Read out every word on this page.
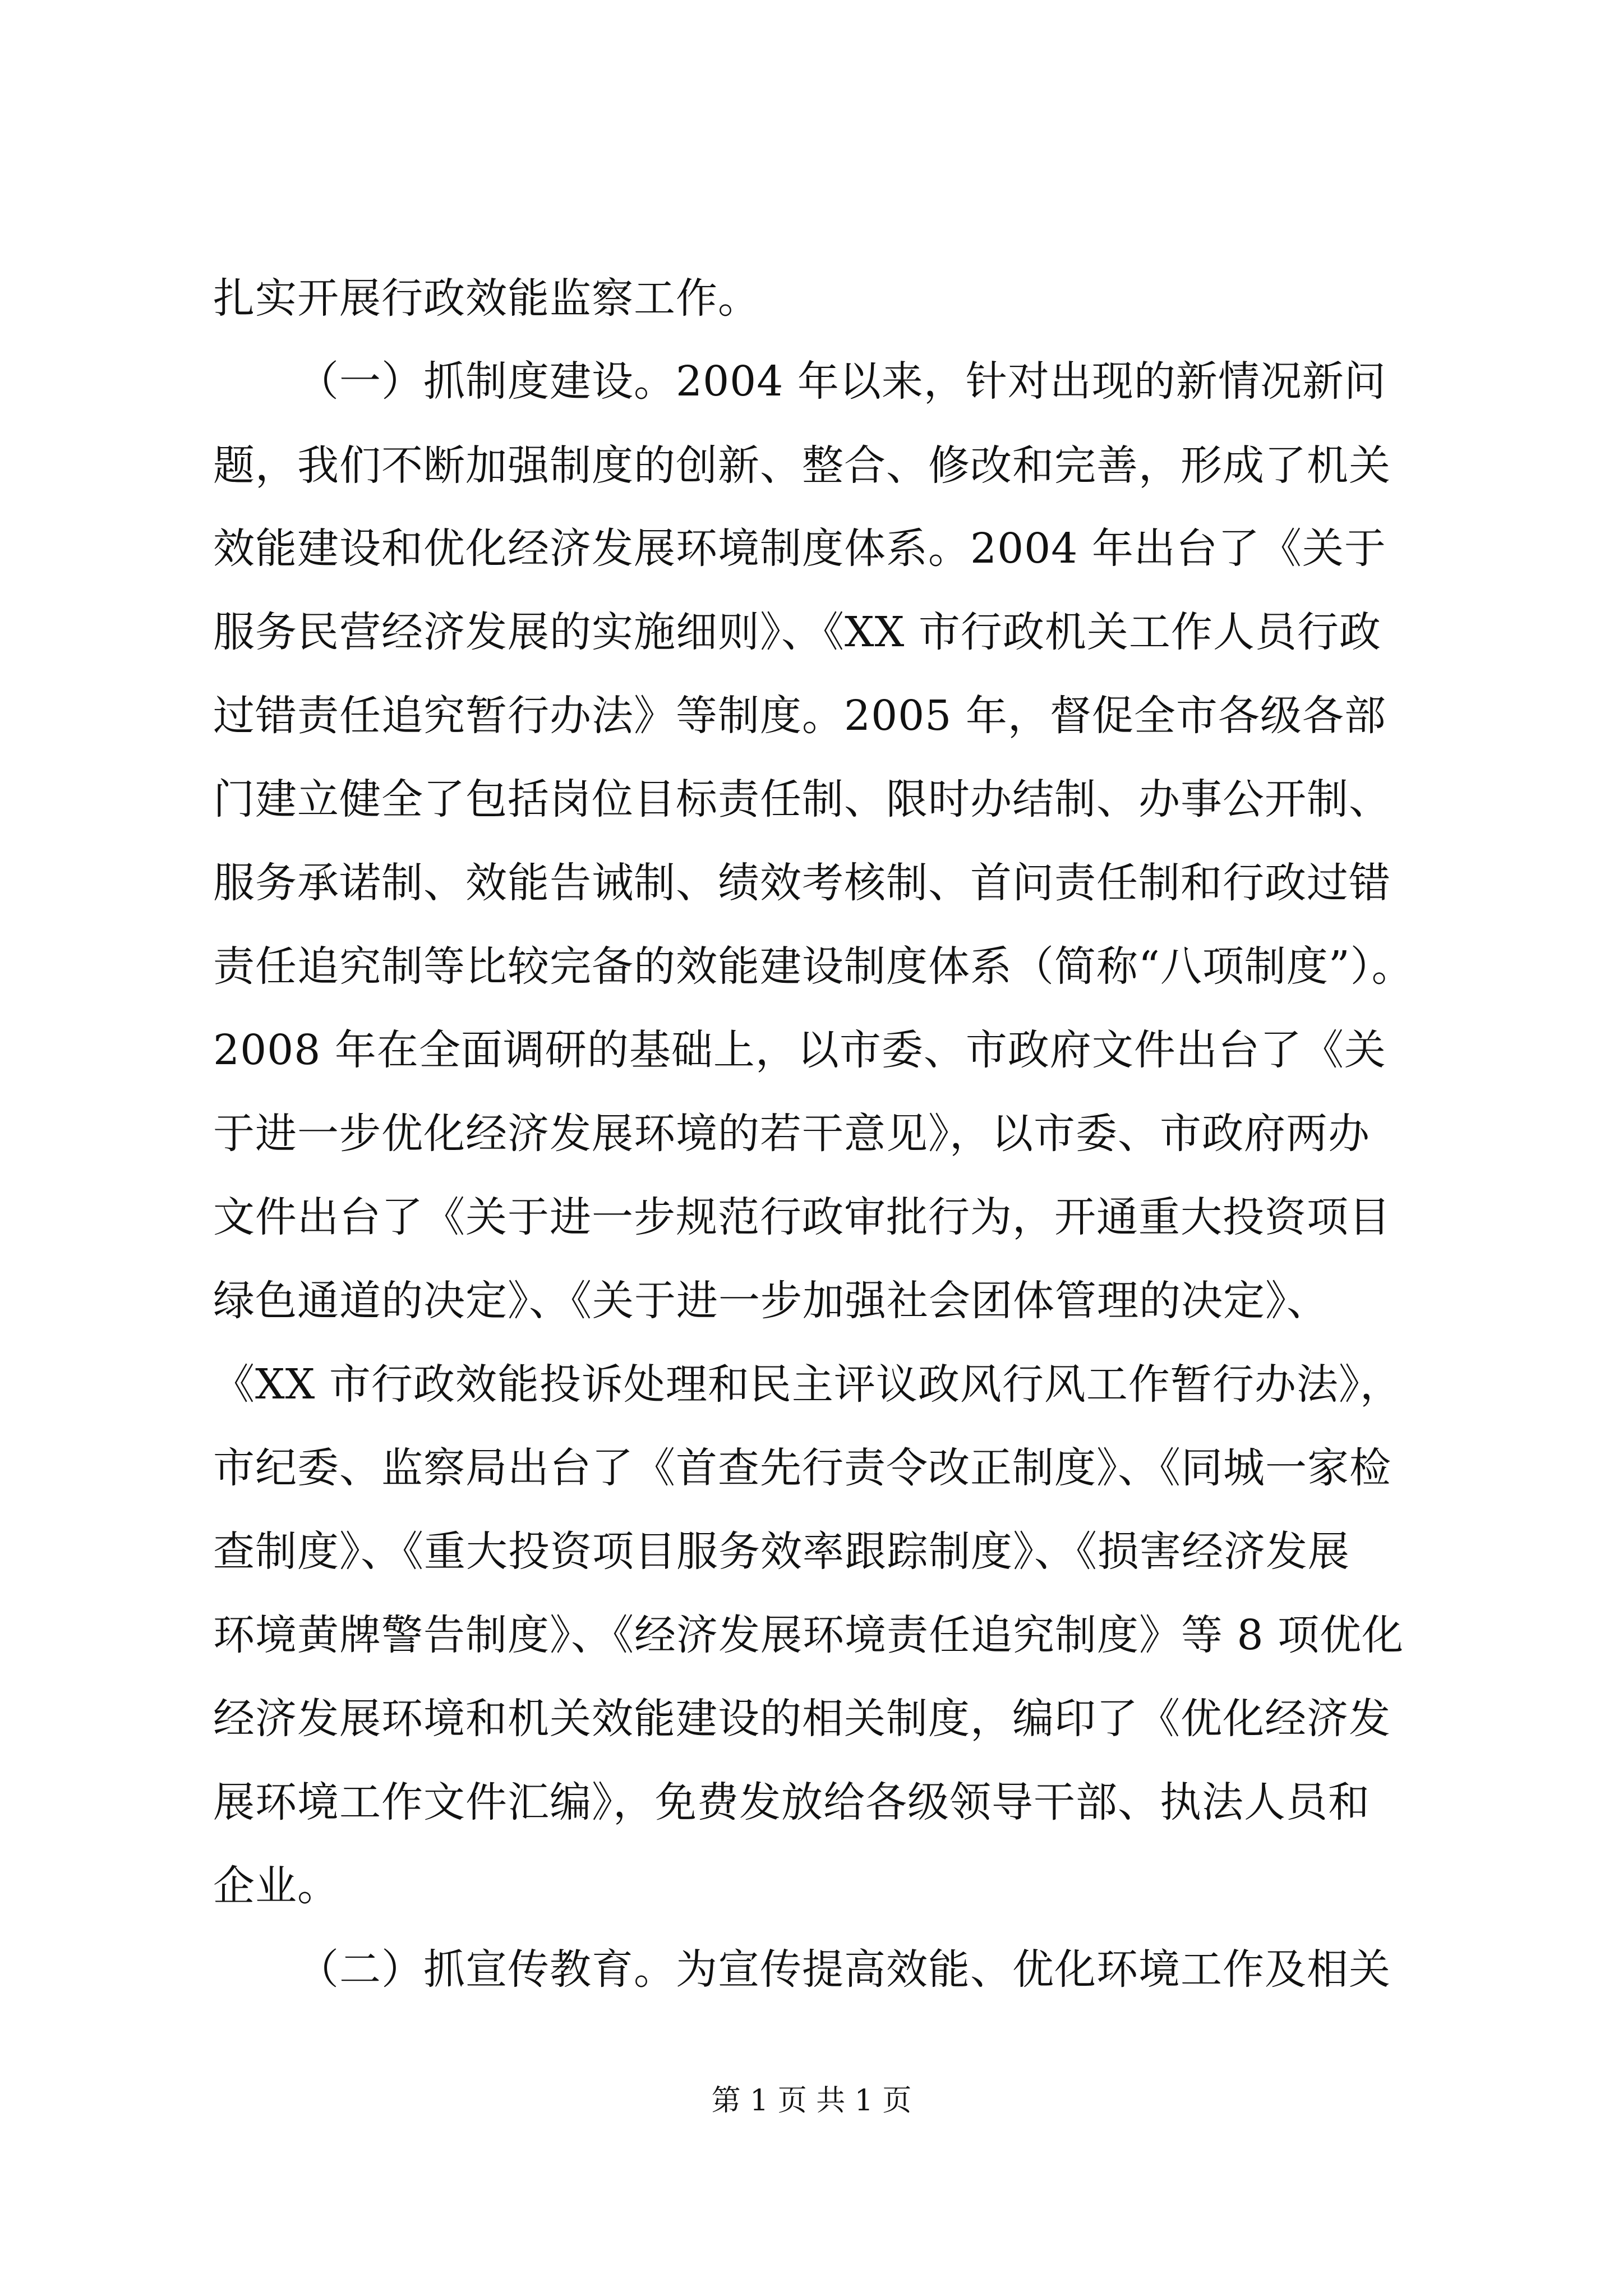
扎实开展行政效能监察工作。
（一）抓制度建设。2004 年以来，针对出现的新情况新问
题，我们不断加强制度的创新、整合、修改和完善，形成了机关
效能建设和优化经济发展环境制度体系。2004 年出台了《关于
服务民营经济发展的实施细则》、《XX 市行政机关工作人员行政
过错责任追究暂行办法》等制度。2005 年，督促全市各级各部
门建立健全了包括岗位目标责任制、限时办结制、办事公开制、
服务承诺制、效能告诫制、绩效考核制、首问责任制和行政过错
责任追究制等比较完备的效能建设制度体系（简称“八项制度”）。
2008 年在全面调研的基础上，以市委、市政府文件出台了《关
于进一步优化经济发展环境的若干意见》，以市委、市政府两办
文件出台了《关于进一步规范行政审批行为，开通重大投资项目
绿色通道的决定》、《关于进一步加强社会团体管理的决定》、
《XX 市行政效能投诉处理和民主评议政风行风工作暂行办法》，
市纪委、监察局出台了《首查先行责令改正制度》、《同城一家检
查制度》、《重大投资项目服务效率跟踪制度》、《损害经济发展
环境黄牌警告制度》、《经济发展环境责任追究制度》等 8 项优化
经济发展环境和机关效能建设的相关制度，编印了《优化经济发
展环境工作文件汇编》，免费发放给各级领导干部、执法人员和
企业。
（二）抓宣传教育。为宣传提高效能、优化环境工作及相关
第 1 页 共 1 页
